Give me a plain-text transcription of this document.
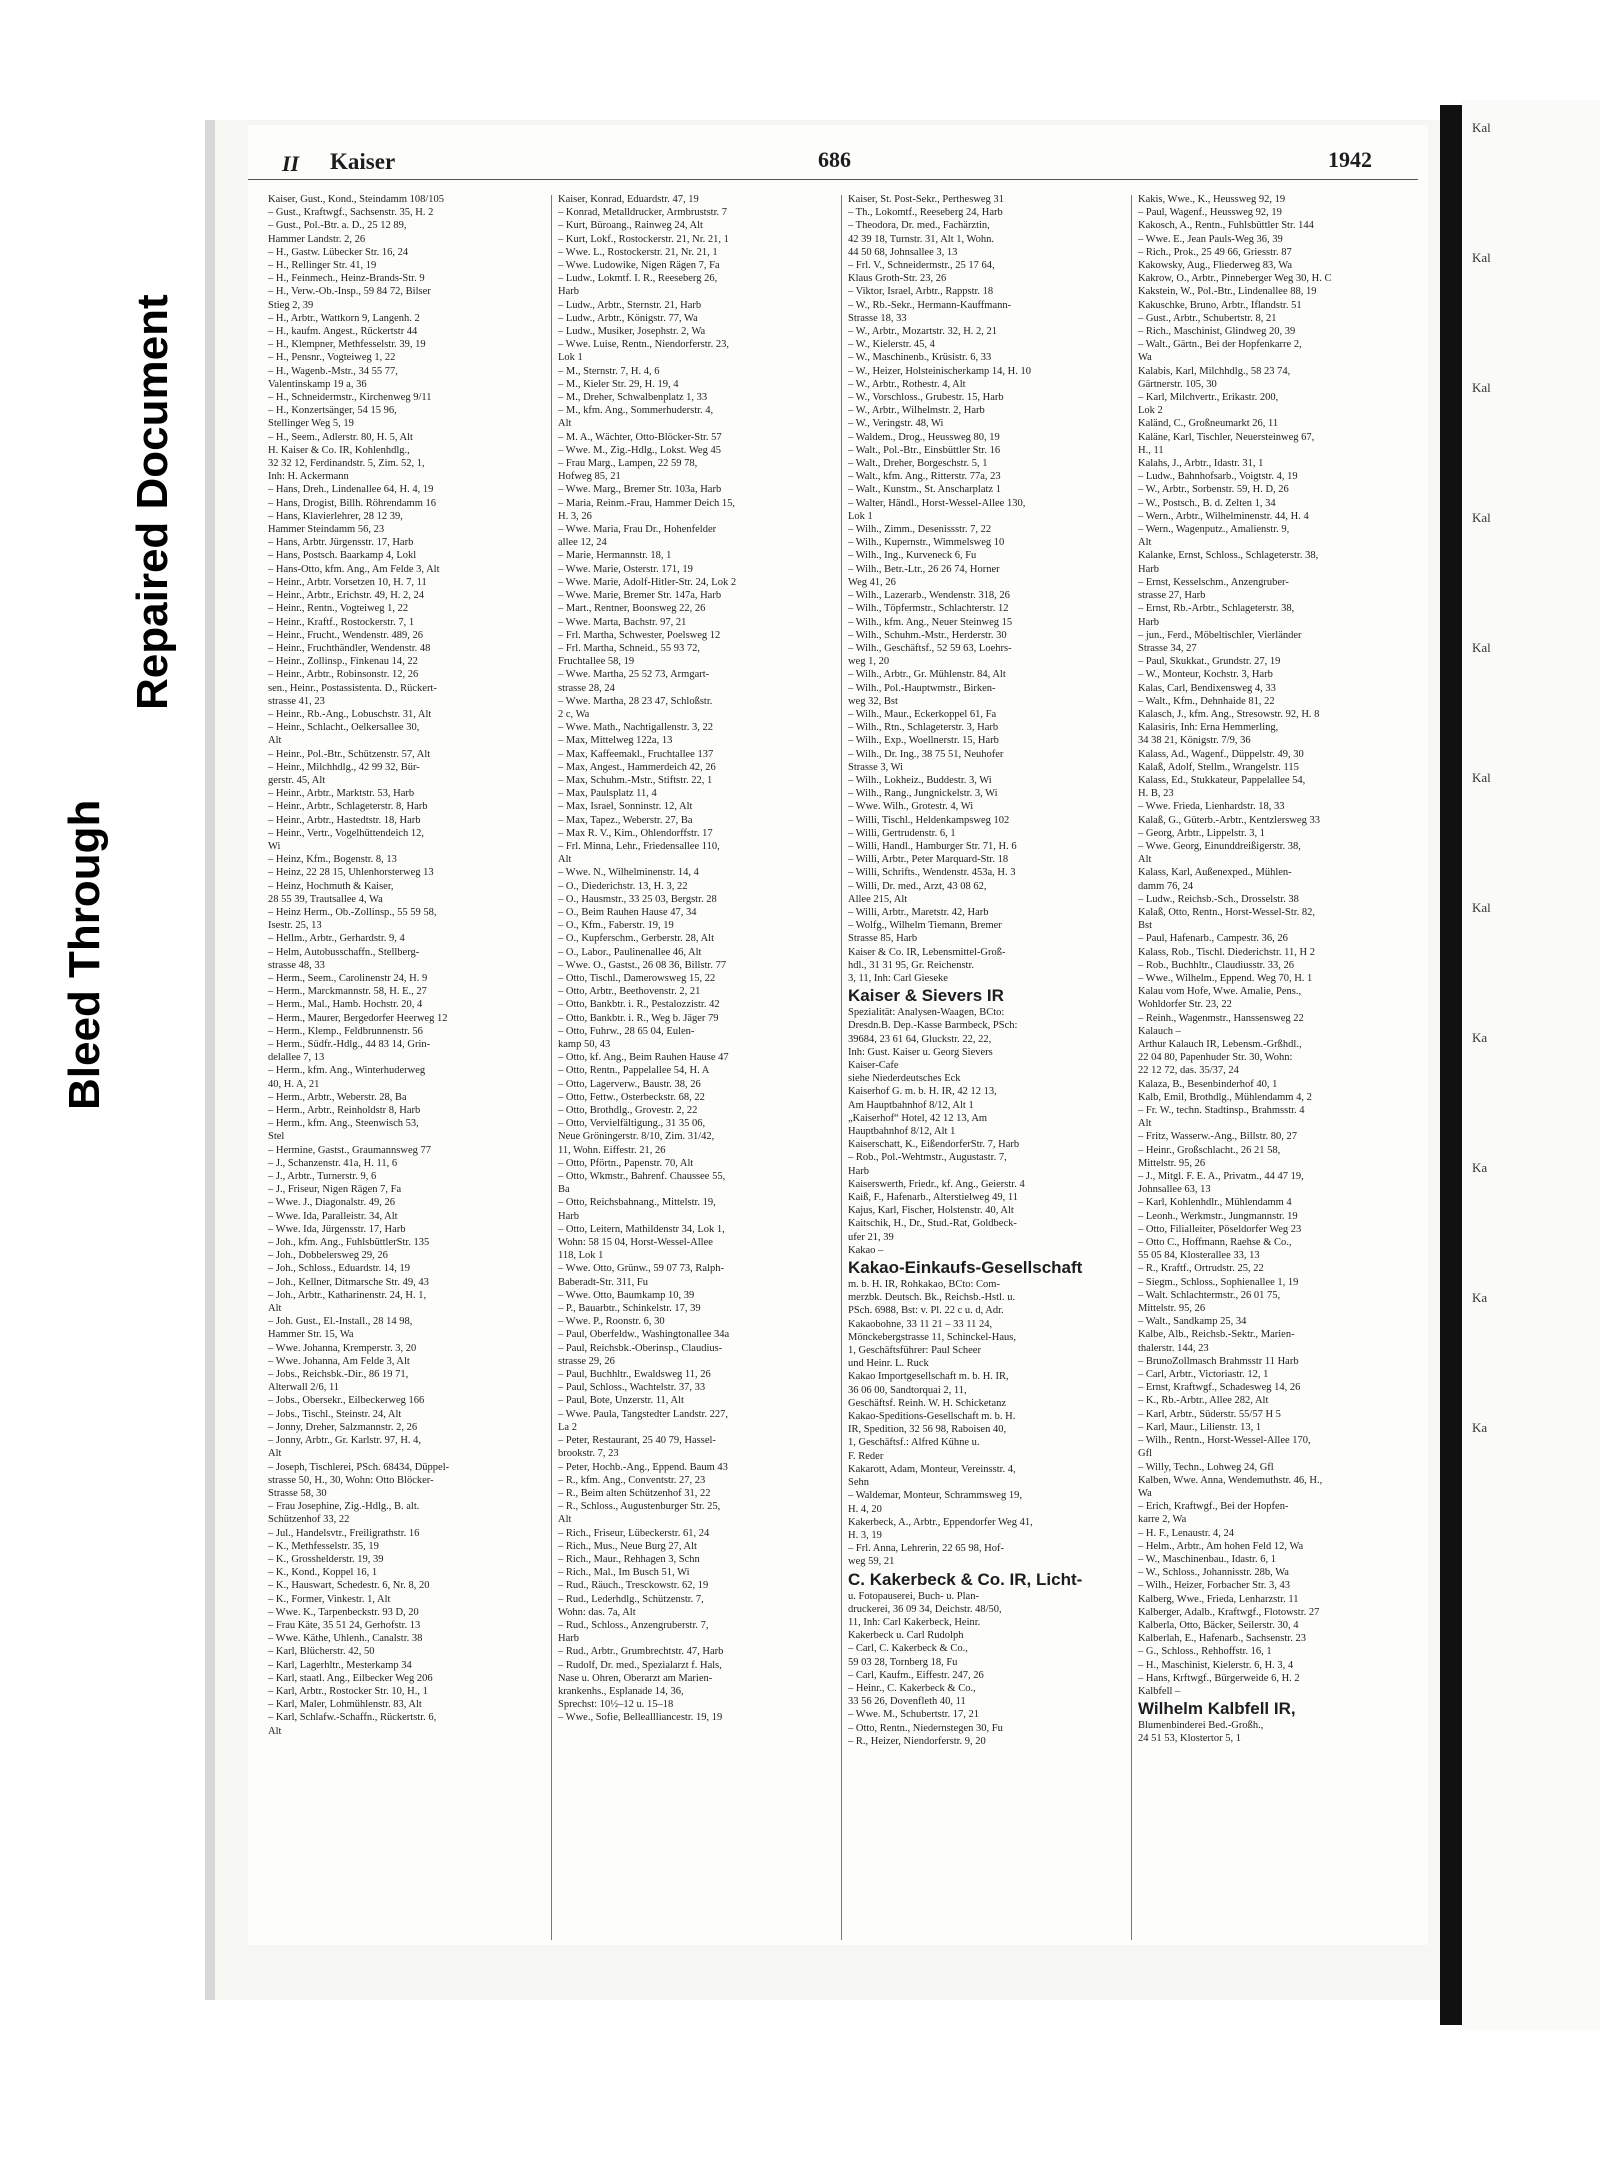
Bleed Through
Repaired Document
Kal
Kal
Kal
Kal
Kal
Kal
Kal
Ka
Ka
Ka
Ka
II Kaiser	686	1942
Kaiser, Gust., Kond., Steindamm 108/105
– Gust., Kraftwgf., Sachsenstr. 35, H. 2
– Gust., Pol.-Btr. a. D., 25 12 89,
Hammer Landstr. 2, 26
– H., Gastw. Lübecker Str. 16, 24
– H., Rellinger Str. 41, 19
– H., Feinmech., Heinz-Brands-Str. 9
– H., Verw.-Ob.-Insp., 59 84 72, Bilser
Stieg 2, 39
– H., Arbtr., Wattkorn 9, Langenh. 2
– H., kaufm. Angest., Rückertstr 44
– H., Klempner, Methfesselstr. 39, 19
– H., Pensnr., Vogteiweg 1, 22
– H., Wagenb.-Mstr., 34 55 77,
Valentinskamp 19 a, 36
– H., Schneidermstr., Kirchenweg 9/11
– H., Konzertsänger, 54 15 96,
Stellinger Weg 5, 19
– H., Seem., Adlerstr. 80, H. 5, Alt
H. Kaiser & Co. IR, Kohlenhdlg.,
32 32 12, Ferdinandstr. 5, Zim. 52, 1,
Inh: H. Ackermann
– Hans, Dreh., Lindenallee 64, H. 4, 19
– Hans, Drogist, Billh. Röhrendamm 16
– Hans, Klavierlehrer, 28 12 39,
Hammer Steindamm 56, 23
– Hans, Arbtr. Jürgensstr. 17, Harb
– Hans, Postsch. Baarkamp 4, Lokl
– Hans-Otto, kfm. Ang., Am Felde 3, Alt
– Heinr., Arbtr. Vorsetzen 10, H. 7, 11
– Heinr., Arbtr., Erichstr. 49, H. 2, 24
– Heinr., Rentn., Vogteiweg 1, 22
– Heinr., Kraftf., Rostockerstr. 7, 1
– Heinr., Frucht., Wendenstr. 489, 26
– Heinr., Fruchthändler, Wendenstr. 48
– Heinr., Zollinsp., Finkenau 14, 22
– Heinr., Arbtr., Robinsonstr. 12, 26
sen., Heinr., Postassistenta. D., Rückert-
strasse 41, 23
– Heinr., Rb.-Ang., Lobuschstr. 31, Alt
– Heinr., Schlacht., Oelkersallee 30,
Alt
– Heinr., Pol.-Btr., Schützenstr. 57, Alt
– Heinr., Milchhdlg., 42 99 32, Bür-
gerstr. 45, Alt
– Heinr., Arbtr., Marktstr. 53, Harb
– Heinr., Arbtr., Schlageterstr. 8, Harb
– Heinr., Arbtr., Hastedtstr. 18, Harb
– Heinr., Vertr., Vogelhüttendeich 12,
Wi
– Heinz, Kfm., Bogenstr. 8, 13
– Heinz, 22 28 15, Uhlenhorsterweg 13
– Heinz, Hochmuth & Kaiser,
28 55 39, Trautsallee 4, Wa
– Heinz Herm., Ob.-Zollinsp., 55 59 58,
Isestr. 25, 13
– Hellm., Arbtr., Gerhardstr. 9, 4
– Helm, Autobusschaffn., Stellberg-
strasse 48, 33
– Herm., Seem., Carolinenstr 24, H. 9
– Herm., Marckmannstr. 58, H. E., 27
– Herm., Mal., Hamb. Hochstr. 20, 4
– Herm., Maurer, Bergedorfer Heerweg 12
– Herm., Klemp., Feldbrunnenstr. 56
– Herm., Südfr.-Hdlg., 44 83 14, Grin-
delallee 7, 13
– Herm., kfm. Ang., Winterhuderweg
40, H. A, 21
– Herm., Arbtr., Weberstr. 28, Ba
– Herm., Arbtr., Reinholdstr 8, Harb
– Herm., kfm. Ang., Steenwisch 53,
Stel
– Hermine, Gastst., Graumannsweg 77
– J., Schanzenstr. 41a, H. 11, 6
– J., Arbtr., Turnerstr. 9, 6
– J., Friseur, Nigen Rägen 7, Fa
– Wwe. J., Diagonalstr. 49, 26
– Wwe. Ida, Paralleistr. 34, Alt
– Wwe. Ida, Jürgensstr. 17, Harb
– Joh., kfm. Ang., FuhlsbüttlerStr. 135
– Joh., Dobbelersweg 29, 26
– Joh., Schloss., Eduardstr. 14, 19
– Joh., Kellner, Ditmarsche Str. 49, 43
– Joh., Arbtr., Katharinenstr. 24, H. 1,
Alt
– Joh. Gust., El.-Install., 28 14 98,
Hammer Str. 15, Wa
– Wwe. Johanna, Kremperstr. 3, 20
– Wwe. Johanna, Am Felde 3, Alt
– Jobs., Reichsbk.-Dir., 86 19 71,
Alterwall 2/6, 11
– Jobs., Obersekr., Eilbeckerweg 166
– Jobs., Tischl., Steinstr. 24, Alt
– Jonny, Dreher, Salzmannstr. 2, 26
– Jonny, Arbtr., Gr. Karlstr. 97, H. 4,
Alt
– Joseph, Tischlerei, PSch. 68434, Düppel-
strasse 50, H., 30, Wohn: Otto Blöcker-
Strasse 58, 30
– Frau Josephine, Zig.-Hdlg., B. alt.
Schützenhof 33, 22
– Jul., Handelsvtr., Freiligrathstr. 16
– K., Methfesselstr. 35, 19
– K., Grosshelderstr. 19, 39
– K., Kond., Koppel 16, 1
– K., Hauswart, Schedestr. 6, Nr. 8, 20
– K., Former, Vinkestr. 1, Alt
– Wwe. K., Tarpenbeckstr. 93 D, 20
– Frau Käte, 35 51 24, Gerhofstr. 13
– Wwe. Käthe, Uhlenh., Canalstr. 38
– Karl, Blücherstr. 42, 50
– Karl, Lagerhltr., Mesterkamp 34
– Karl, staatl. Ang., Eilbecker Weg 206
– Karl, Arbtr., Rostocker Str. 10, H., 1
– Karl, Maler, Lohmühlenstr. 83, Alt
– Karl, Schlafw.-Schaffn., Rückertstr. 6,
Alt
Kaiser, Konrad, Eduardstr. 47, 19
– Konrad, Metalldrucker, Armbruststr. 7
– Kurt, Büroang., Rainweg 24, Alt
– Kurt, Lokf., Rostockerstr. 21, Nr. 21, 1
– Wwe. L., Rostockerstr. 21, Nr. 21, 1
– Wwe. Ludowike, Nigen Rägen 7, Fa
– Ludw., Lokmtf. I. R., Reeseberg 26,
Harb
– Ludw., Arbtr., Sternstr. 21, Harb
– Ludw., Arbtr., Königstr. 77, Wa
– Ludw., Musiker, Josephstr. 2, Wa
– Wwe. Luise, Rentn., Niendorferstr. 23,
Lok 1
– M., Sternstr. 7, H. 4, 6
– M., Kieler Str. 29, H. 19, 4
– M., Dreher, Schwalbenplatz 1, 33
– M., kfm. Ang., Sommerhuderstr. 4,
Alt
– M. A., Wächter, Otto-Blöcker-Str. 57
– Wwe. M., Zig.-Hdlg., Lokst. Weg 45
– Frau Marg., Lampen, 22 59 78,
Hofweg 85, 21
– Wwe. Marg., Bremer Str. 103a, Harb
– Maria, Reinm.-Frau, Hammer Deich 15,
H. 3, 26
– Wwe. Maria, Frau Dr., Hohenfelder
allee 12, 24
– Marie, Hermannstr. 18, 1
– Wwe. Marie, Osterstr. 171, 19
– Wwe. Marie, Adolf-Hitler-Str. 24, Lok 2
– Wwe. Marie, Bremer Str. 147a, Harb
– Mart., Rentner, Boonsweg 22, 26
– Wwe. Marta, Bachstr. 97, 21
– Frl. Martha, Schwester, Poelsweg 12
– Frl. Martha, Schneid., 55 93 72,
Fruchtallee 58, 19
– Wwe. Martha, 25 52 73, Armgart-
strasse 28, 24
– Wwe. Martha, 28 23 47, Schloßstr.
2 c, Wa
– Wwe. Math., Nachtigallenstr. 3, 22
– Max, Mittelweg 122a, 13
– Max, Kaffeemakl., Fruchtallee 137
– Max, Angest., Hammerdeich 42, 26
– Max, Schuhm.-Mstr., Stiftstr. 22, 1
– Max, Paulsplatz 11, 4
– Max, Israel, Sonninstr. 12, Alt
– Max, Tapez., Weberstr. 27, Ba
– Max R. V., Kim., Ohlendorffstr. 17
– Frl. Minna, Lehr., Friedensallee 110,
Alt
– Wwe. N., Wilhelminenstr. 14, 4
– O., Diederichstr. 13, H. 3, 22
– O., Hausmstr., 33 25 03, Bergstr. 28
– O., Beim Rauhen Hause 47, 34
– O., Kfm., Faberstr. 19, 19
– O., Kupferschm., Gerberstr. 28, Alt
– O., Labor., Paulinenallee 46, Alt
– Wwe. O., Gastst., 26 08 36, Billstr. 77
– Otto, Tischl., Damerowsweg 15, 22
– Otto, Arbtr., Beethovenstr. 2, 21
– Otto, Bankbtr. i. R., Pestalozzistr. 42
– Otto, Bankbtr. i. R., Weg b. Jäger 79
– Otto, Fuhrw., 28 65 04, Eulen-
kamp 50, 43
– Otto, kf. Ang., Beim Rauhen Hause 47
– Otto, Rentn., Pappelallee 54, H. A
– Otto, Lagerverw., Baustr. 38, 26
– Otto, Fettw., Osterbeckstr. 68, 22
– Otto, Brothdlg., Grovestr. 2, 22
– Otto, Vervielfältigung., 31 35 06,
Neue Gröningerstr. 8/10, Zim. 31/42,
11, Wohn. Eiffestr. 21, 26
– Otto, Pförtn., Papenstr. 70, Alt
– Otto, Wkmstr., Bahrenf. Chaussee 55,
Ba
– Otto, Reichsbahnang., Mittelstr. 19,
Harb
– Otto, Leitern, Mathildenstr 34, Lok 1,
Wohn: 58 15 04, Horst-Wessel-Allee
118, Lok 1
– Wwe. Otto, Grünw., 59 07 73, Ralph-
Baberadt-Str. 311, Fu
– Wwe. Otto, Baumkamp 10, 39
– P., Bauarbtr., Schinkelstr. 17, 39
– Wwe. P., Roonstr. 6, 30
– Paul, Oberfeldw., Washingtonallee 34a
– Paul, Reichsbk.-Oberinsp., Claudius-
strasse 29, 26
– Paul, Buchhltr., Ewaldsweg 11, 26
– Paul, Schloss., Wachtelstr. 37, 33
– Paul, Bote, Unzerstr. 11, Alt
– Wwe. Paula, Tangstedter Landstr. 227,
La 2
– Peter, Restaurant, 25 40 79, Hassel-
brookstr. 7, 23
– Peter, Hochb.-Ang., Eppend. Baum 43
– R., kfm. Ang., Conventstr. 27, 23
– R., Beim alten Schützenhof 31, 22
– R., Schloss., Augustenburger Str. 25,
Alt
– Rich., Friseur, Lübeckerstr. 61, 24
– Rich., Mus., Neue Burg 27, Alt
– Rich., Maur., Rehhagen 3, Schn
– Rich., Mal., Im Busch 51, Wi
– Rud., Räuch., Tresckowstr. 62, 19
– Rud., Lederhdlg., Schützenstr. 7,
Wohn: das. 7a, Alt
– Rud., Schloss., Anzengruberstr. 7,
Harb
– Rud., Arbtr., Grumbrechtstr. 47, Harb
– Rudolf, Dr. med., Spezialarzt f. Hals,
Nase u. Ohren, Oberarzt am Marien-
krankenhs., Esplanade 14, 36,
Sprechst: 10½–12 u. 15–18
– Wwe., Sofie, Belleallliancestr. 19, 19
Kaiser, St. Post-Sekr., Perthesweg 31
– Th., Lokomtf., Reeseberg 24, Harb
– Theodora, Dr. med., Fachärztin,
42 39 18, Turnstr. 31, Alt 1, Wohn.
44 50 68, Johnsallee 3, 13
– Frl. V., Schneidermstr., 25 17 64,
Klaus Groth-Str. 23, 26
– Viktor, Israel, Arbtr., Rappstr. 18
– W., Rb.-Sekr., Hermann-Kauffmann-
Strasse 18, 33
– W., Arbtr., Mozartstr. 32, H. 2, 21
– W., Kielerstr. 45, 4
– W., Maschinenb., Krüsistr. 6, 33
– W., Heizer, Holsteinischerkamp 14, H. 10
– W., Arbtr., Rothestr. 4, Alt
– W., Vorschloss., Grubestr. 15, Harb
– W., Arbtr., Wilhelmstr. 2, Harb
– W., Veringstr. 48, Wi
– Waldem., Drog., Heussweg 80, 19
– Walt., Pol.-Btr., Einsbüttler Str. 16
– Walt., Dreher, Borgeschstr. 5, 1
– Walt., kfm. Ang., Ritterstr. 77a, 23
– Walt., Kunstm., St. Anscharplatz 1
– Walter, Händl., Horst-Wessel-Allee 130,
Lok 1
– Wilh., Zimm., Desenissstr. 7, 22
– Wilh., Kupernstr., Wimmelsweg 10
– Wilh., Ing., Kurveneck 6, Fu
– Wilh., Betr.-Ltr., 26 26 74, Horner
Weg 41, 26
– Wilh., Lazerarb., Wendenstr. 318, 26
– Wilh., Töpfermstr., Schlachterstr. 12
– Wilh., kfm. Ang., Neuer Steinweg 15
– Wilh., Schuhm.-Mstr., Herderstr. 30
– Wilh., Geschäftsf., 52 59 63, Loehrs-
weg 1, 20
– Wilh., Arbtr., Gr. Mühlenstr. 84, Alt
– Wilh., Pol.-Hauptwmstr., Birken-
weg 32, Bst
– Wilh., Maur., Eckerkoppel 61, Fa
– Wilh., Rtn., Schlageterstr. 3, Harb
– Wilh., Exp., Woellnerstr. 15, Harb
– Wilh., Dr. Ing., 38 75 51, Neuhofer
Strasse 3, Wi
– Wilh., Lokheiz., Buddestr. 3, Wi
– Wilh., Rang., Jungnickelstr. 3, Wi
– Wwe. Wilh., Grotestr. 4, Wi
– Willi, Tischl., Heldenkampsweg 102
– Willi, Gertrudenstr. 6, 1
– Willi, Handl., Hamburger Str. 71, H. 6
– Willi, Arbtr., Peter Marquard-Str. 18
– Willi, Schrifts., Wendenstr. 453a, H. 3
– Willi, Dr. med., Arzt, 43 08 62,
Allee 215, Alt
– Willi, Arbtr., Maretstr. 42, Harb
– Wolfg., Wilhelm Tiemann, Bremer
Strasse 85, Harb
Kaiser & Co. IR, Lebensmittel-Groß-
hdl., 31 31 95, Gr. Reichenstr.
3, 11, Inh: Carl Gieseke
Kaiser & Sievers IR
Spezialität: Analysen-Waagen, BCto:
Dresdn.B. Dep.-Kasse Barmbeck, PSch:
39684, 23 61 64, Gluckstr. 22, 22,
Inh: Gust. Kaiser u. Georg Sievers
Kaiser-Cafe
siehe Niederdeutsches Eck
Kaiserhof G. m. b. H. IR, 42 12 13,
Am Hauptbahnhof 8/12, Alt 1
„Kaiserhof“ Hotel, 42 12 13, Am
Hauptbahnhof 8/12, Alt 1
Kaiserschatt, K., EißendorferStr. 7, Harb
– Rob., Pol.-Wehtmstr., Augustastr. 7,
Harb
Kaiserswerth, Friedr., kf. Ang., Geierstr. 4
Kaiß, F., Hafenarb., Alterstielweg 49, 11
Kajus, Karl, Fischer, Holstenstr. 40, Alt
Kaitschik, H., Dr., Stud.-Rat, Goldbeck-
ufer 21, 39
Kakao –
Kakao-Einkaufs-Gesellschaft
m. b. H. IR, Rohkakao, BCto: Com-
merzbk. Deutsch. Bk., Reichsb.-Hstl. u.
PSch. 6988, Bst: v. Pl. 22 c u. d, Adr.
Kakaobohne, 33 11 21 – 33 11 24,
Mönckebergstrasse 11, Schinckel-Haus,
1, Geschäftsführer: Paul Scheer
und Heinr. L. Ruck
Kakao Importgesellschaft m. b. H. IR,
36 06 00, Sandtorquai 2, 11,
Geschäftsf. Reinh. W. H. Schicketanz
Kakao-Speditions-Gesellschaft m. b. H.
IR, Spedition, 32 56 98, Raboisen 40,
1, Geschäftsf.: Alfred Kühne u.
F. Reder
Kakarott, Adam, Monteur, Vereinsstr. 4,
Sehn
– Waldemar, Monteur, Schrammsweg 19,
H. 4, 20
Kakerbeck, A., Arbtr., Eppendorfer Weg 41,
H. 3, 19
– Frl. Anna, Lehrerin, 22 65 98, Hof-
weg 59, 21
C. Kakerbeck & Co. IR, Licht-
u. Fotopauserei, Buch- u. Plan-
druckerei, 36 09 34, Deichstr. 48/50,
11, Inh: Carl Kakerbeck, Heinr.
Kakerbeck u. Carl Rudolph
– Carl, C. Kakerbeck & Co.,
59 03 28, Tornberg 18, Fu
– Carl, Kaufm., Eiffestr. 247, 26
– Heinr., C. Kakerbeck & Co.,
33 56 26, Dovenfleth 40, 11
– Wwe. M., Schubertstr. 17, 21
– Otto, Rentn., Niedernstegen 30, Fu
– R., Heizer, Niendorferstr. 9, 20
Kakis, Wwe., K., Heussweg 92, 19
– Paul, Wagenf., Heussweg 92, 19
Kakosch, A., Rentn., Fuhlsbüttler Str. 144
– Wwe. E., Jean Pauls-Weg 36, 39
– Rich., Prok., 25 49 66, Griesstr. 87
Kakowsky, Aug., Fliederweg 83, Wa
Kakrow, O., Arbtr., Pinneberger Weg 30, H. C
Kakstein, W., Pol.-Btr., Lindenallee 88, 19
Kakuschke, Bruno, Arbtr., Iflandstr. 51
– Gust., Arbtr., Schubertstr. 8, 21
– Rich., Maschinist, Glindweg 20, 39
– Walt., Gärtn., Bei der Hopfenkarre 2,
Wa
Kalabis, Karl, Milchhdlg., 58 23 74,
Gärtnerstr. 105, 30
– Karl, Milchvertr., Erikastr. 200,
Lok 2
Kaländ, C., Großneumarkt 26, 11
Kaläne, Karl, Tischler, Neuersteinweg 67,
H., 11
Kalahs, J., Arbtr., Idastr. 31, 1
– Ludw., Bahnhofsarb., Voigtstr. 4, 19
– W., Arbtr., Sorbenstr. 59, H. D, 26
– W., Postsch., B. d. Zelten 1, 34
– Wern., Arbtr., Wilhelminenstr. 44, H. 4
– Wern., Wagenputz., Amalienstr. 9,
Alt
Kalanke, Ernst, Schloss., Schlageterstr. 38,
Harb
– Ernst, Kesselschm., Anzengruber-
strasse 27, Harb
– Ernst, Rb.-Arbtr., Schlageterstr. 38,
Harb
– jun., Ferd., Möbeltischler, Vierländer
Strasse 34, 27
– Paul, Skukkat., Grundstr. 27, 19
– W., Monteur, Kochstr. 3, Harb
Kalas, Carl, Bendixensweg 4, 33
– Walt., Kfm., Dehnhaide 81, 22
Kalasch, J., kfm. Ang., Stresowstr. 92, H. 8
Kalasiris, Inh: Erna Hemmerling,
34 38 21, Königstr. 7/9, 36
Kalass, Ad., Wagenf., Düppelstr. 49, 30
Kalaß, Adolf, Stellm., Wrangelstr. 115
Kalass, Ed., Stukkateur, Pappelallee 54,
H. B, 23
– Wwe. Frieda, Lienhardstr. 18, 33
Kalaß, G., Güterb.-Arbtr., Kentzlersweg 33
– Georg, Arbtr., Lippelstr. 3, 1
– Wwe. Georg, Einunddreißigerstr. 38,
Alt
Kalass, Karl, Außenexped., Mühlen-
damm 76, 24
– Ludw., Reichsb.-Sch., Drosselstr. 38
Kalaß, Otto, Rentn., Horst-Wessel-Str. 82,
Bst
– Paul, Hafenarb., Campestr. 36, 26
Kalass, Rob., Tischl. Diederichstr. 11, H 2
– Rob., Buchhltr., Claudiusstr. 33, 26
– Wwe., Wilhelm., Eppend. Weg 70, H. 1
Kalau vom Hofe, Wwe. Amalie, Pens.,
Wohldorfer Str. 23, 22
– Reinh., Wagenmstr., Hanssensweg 22
Kalauch –
Arthur Kalauch IR, Lebensm.-Grßhdl.,
22 04 80, Papenhuder Str. 30, Wohn:
22 12 72, das. 35/37, 24
Kalaza, B., Besenbinderhof 40, 1
Kalb, Emil, Brothdlg., Mühlendamm 4, 2
– Fr. W., techn. Stadtinsp., Brahmsstr. 4
Alt
– Fritz, Wasserw.-Ang., Billstr. 80, 27
– Heinr., Großschlacht., 26 21 58,
Mittelstr. 95, 26
– J., Mitgl. F. E. A., Privatm., 44 47 19,
Johnsallee 63, 13
– Karl, Kohlenhdlr., Mühlendamm 4
– Leonh., Werkmstr., Jungmannstr. 19
– Otto, Filialleiter, Pöseldorfer Weg 23
– Otto C., Hoffmann, Raehse & Co.,
55 05 84, Klosterallee 33, 13
– R., Kraftf., Ortrudstr. 25, 22
– Siegm., Schloss., Sophienallee 1, 19
– Walt. Schlachtermstr., 26 01 75,
Mittelstr. 95, 26
– Walt., Sandkamp 25, 34
Kalbe, Alb., Reichsb.-Sektr., Marien-
thalerstr. 144, 23
– BrunoZollmasch Brahmsstr 11 Harb
– Carl, Arbtr., Victoriastr. 12, 1
– Ernst, Kraftwgf., Schadesweg 14, 26
– K., Rb.-Arbtr., Allee 282, Alt
– Karl, Arbtr., Süderstr. 55/57 H 5
– Karl, Maur., Lilienstr. 13, 1
– Wilh., Rentn., Horst-Wessel-Allee 170,
Gfl
– Willy, Techn., Lohweg 24, Gfl
Kalben, Wwe. Anna, Wendemuthstr. 46, H.,
Wa
– Erich, Kraftwgf., Bei der Hopfen-
karre 2, Wa
– H. F., Lenaustr. 4, 24
– Helm., Arbtr., Am hohen Feld 12, Wa
– W., Maschinenbau., Idastr. 6, 1
– W., Schloss., Johannisstr. 28b, Wa
– Wilh., Heizer, Forbacher Str. 3, 43
Kalberg, Wwe., Frieda, Lenharzstr. 11
Kalberger, Adalb., Kraftwgf., Flotowstr. 27
Kalberla, Otto, Bäcker, Seilerstr. 30, 4
Kalberlah, E., Hafenarb., Sachsenstr. 23
– G., Schloss., Rehhoffstr. 16, 1
– H., Maschinist, Kielerstr. 6, H. 3, 4
– Hans, Krftwgf., Bürgerweide 6, H. 2
Kalbfell –
Wilhelm Kalbfell IR,
Blumenbinderei Bed.-Großh.,
24 51 53, Klostertor 5, 1
